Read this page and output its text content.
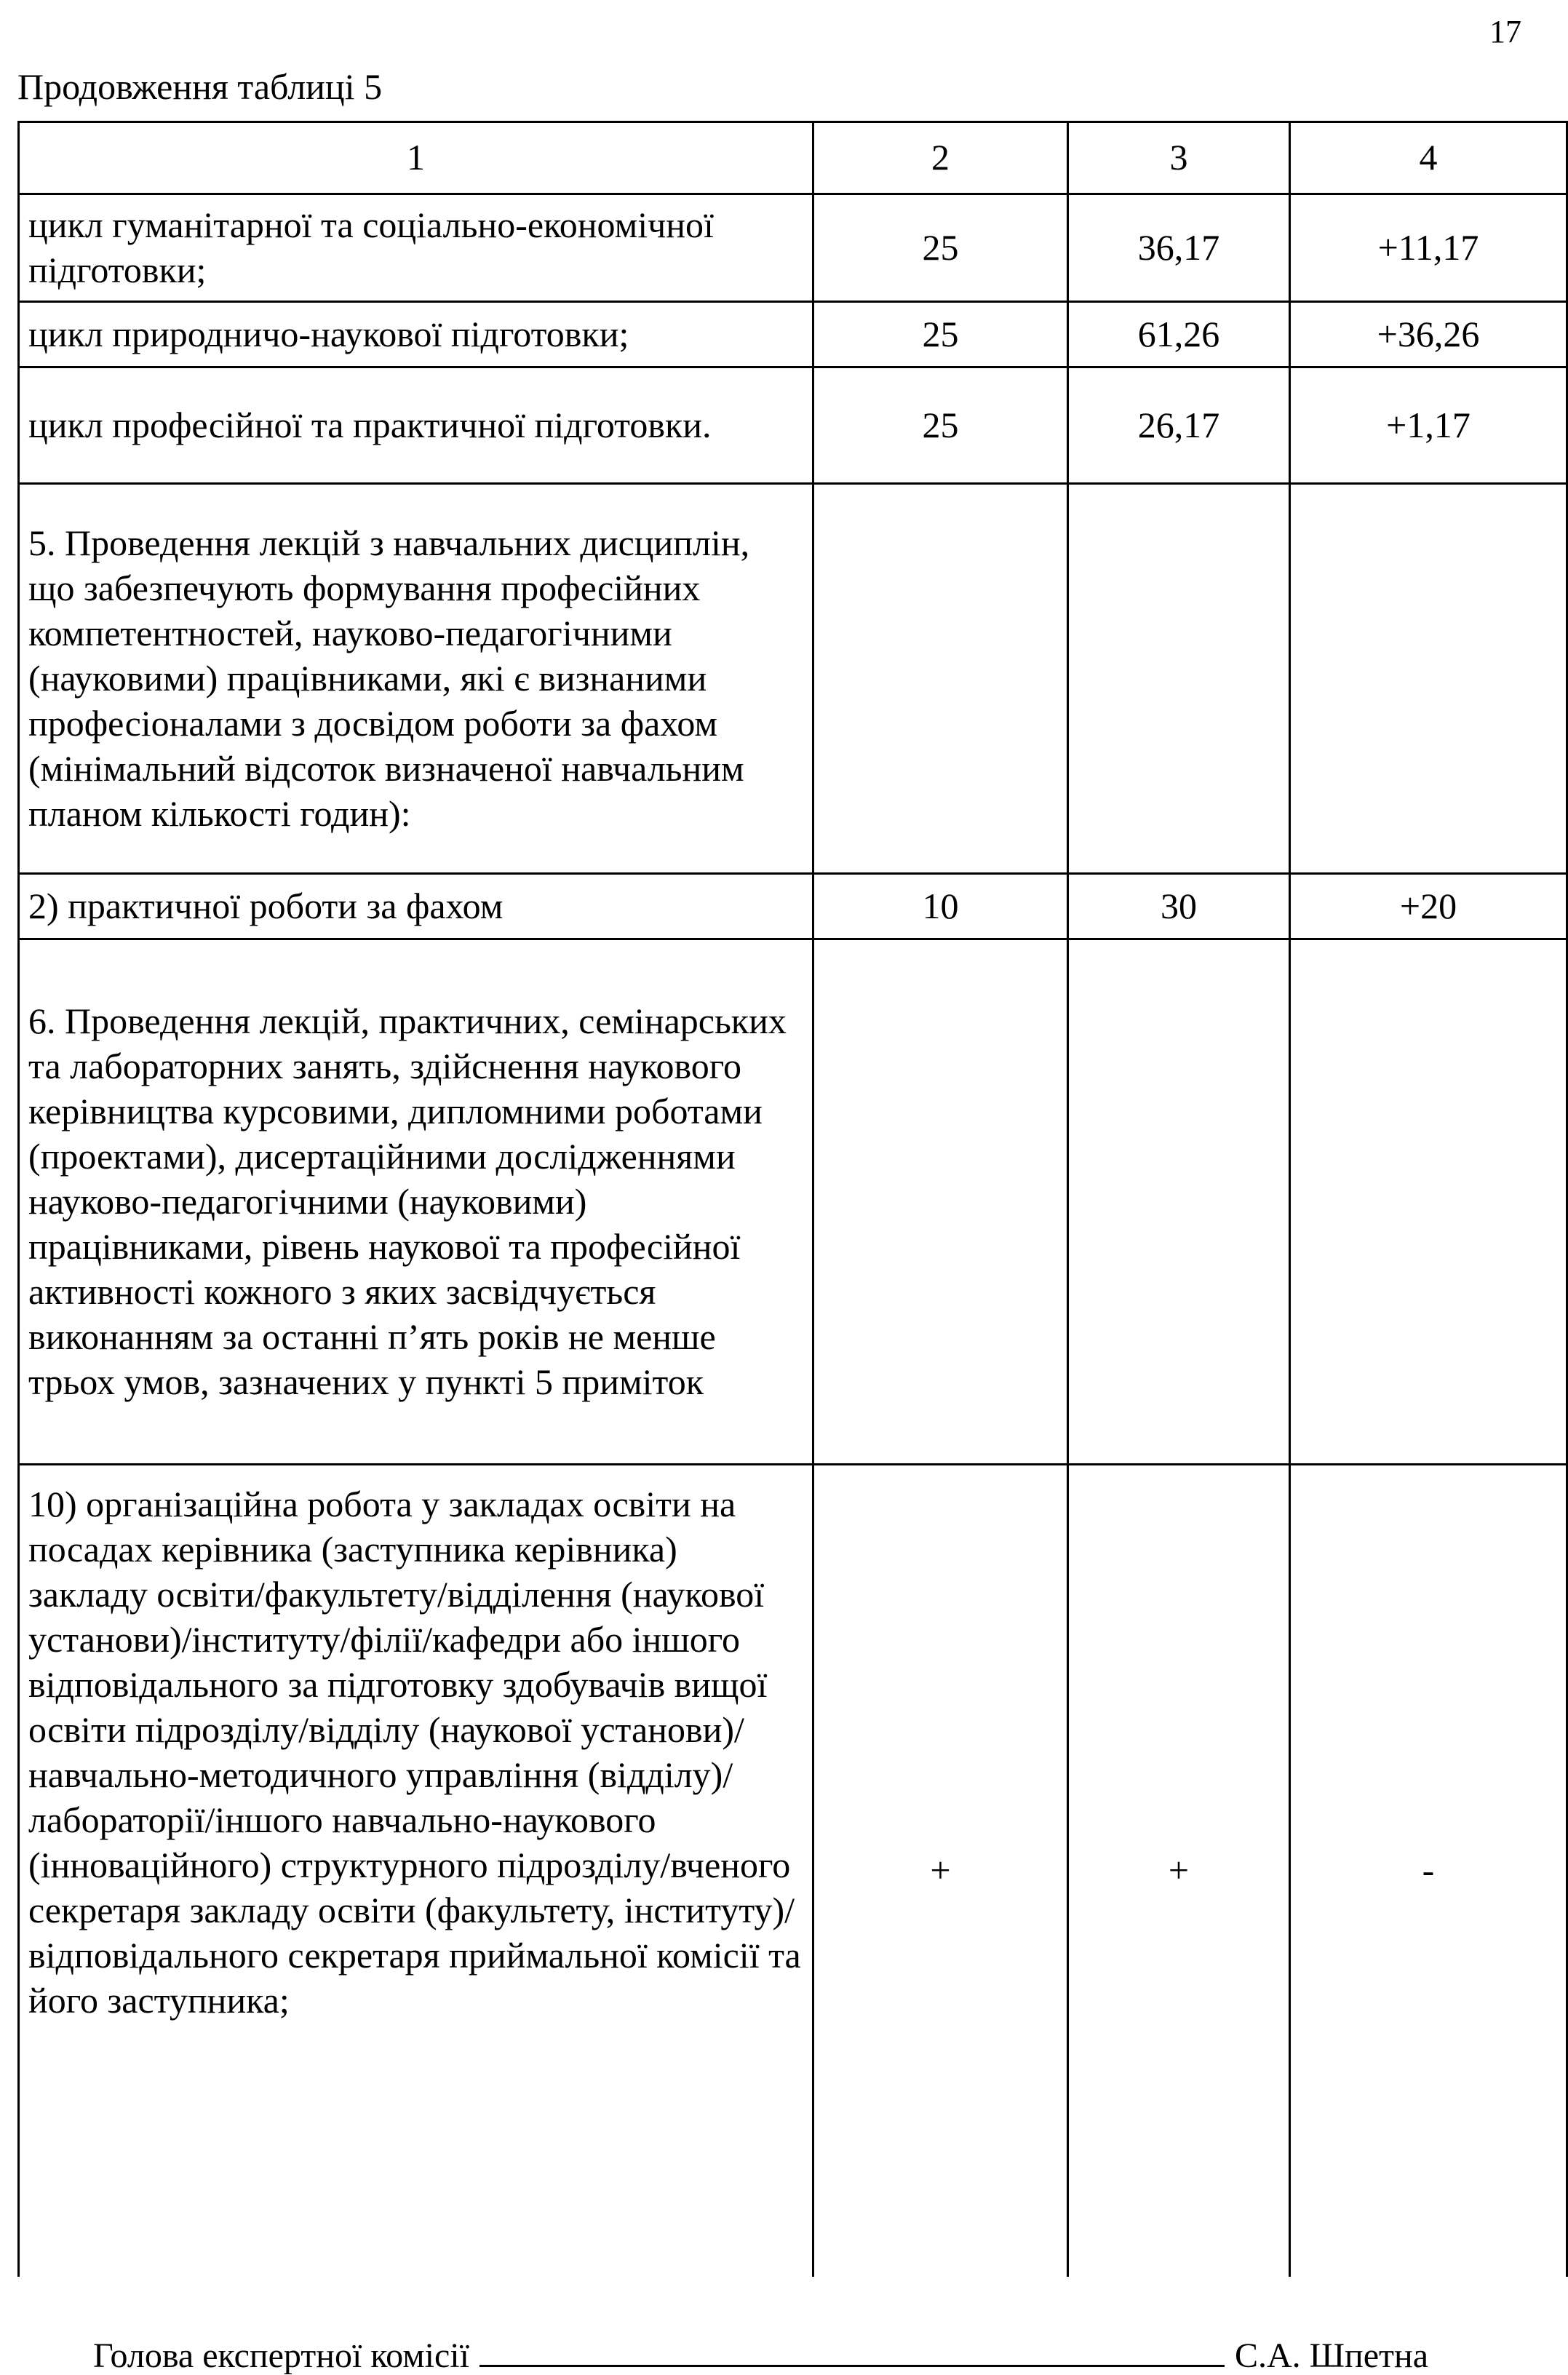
17
Продовження таблиці 5
1	2	3	4
цикл гуманітарної та соціально-економічної підготовки;	25	36,17	+11,17
цикл природничо-наукової підготовки;	25	61,26	+36,26
цикл професійної та практичної підготовки.	25	26,17	+1,17
5. Проведення лекцій з навчальних дисциплін, що забезпечують формування професійних компетентностей, науково-педагогічними (науковими) працівниками, які є визнаними професіоналами з досвідом роботи за фахом (мінімальний відсоток визначеної навчальним планом кількості годин):			
2) практичної роботи за фахом	10	30	+20
6. Проведення лекцій, практичних, семінарських та лабораторних занять, здійснення наукового керівництва курсовими, дипломними роботами (проектами), дисертаційними дослідженнями науково-педагогічними (науковими) працівниками, рівень наукової та професійної активності кожного з яких засвідчується виконанням за останні п’ять років не менше трьох умов, зазначених у пункті 5 приміток			
10) організаційна робота у закладах освіти на посадах керівника (заступника керівника) закладу освіти/факультету/відділення (наукової установи)/інституту/філії/кафедри або іншого відповідального за підготовку здобувачів вищої освіти підрозділу/відділу (наукової установи)/навчально-методичного управління (відділу)/лабораторії/іншого навчально-наукового (інноваційного) структурного підрозділу/вченого секретаря закладу освіти (факультету, інституту)/відповідального секретаря приймальної комісії та його заступника;	+	+	-
Голова експертної комісії	С.А. Шпетна
